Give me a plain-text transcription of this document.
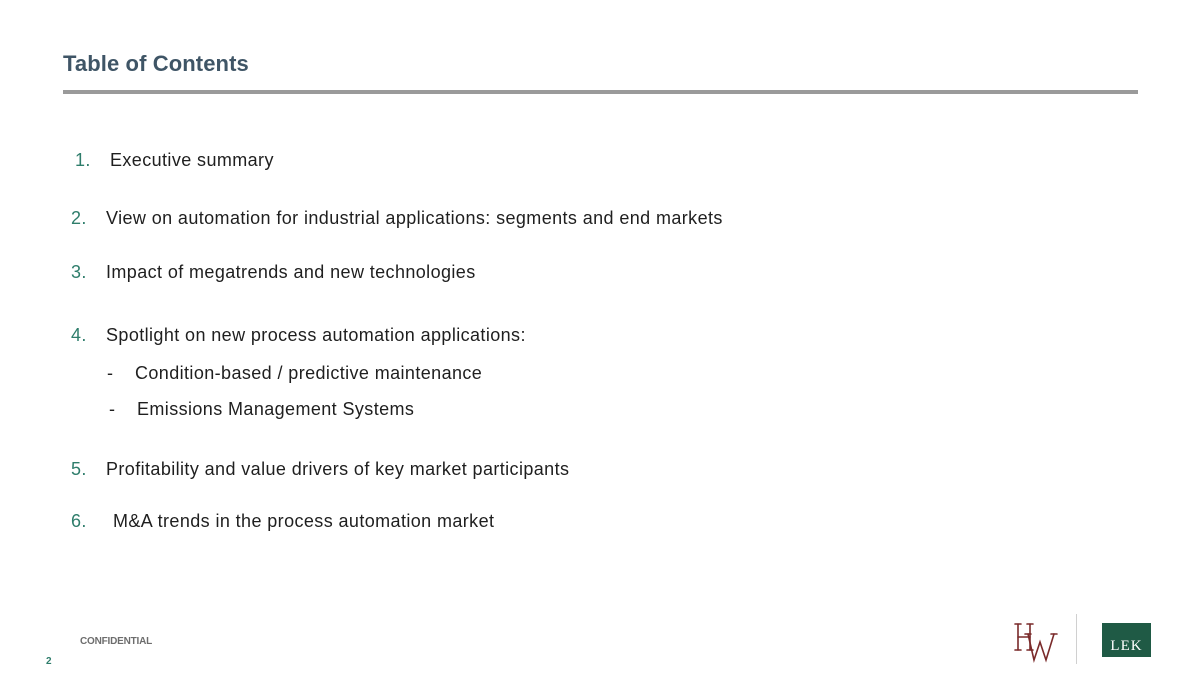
Table of Contents
1. Executive summary
2. View on automation for industrial applications: segments and end markets
3. Impact of megatrends and new technologies
4. Spotlight on new process automation applications:
- Condition-based / predictive maintenance
- Emissions Management Systems
5. Profitability and value drivers of key market participants
6. M&A trends in the process automation market
CONFIDENTIAL
2
LEK
